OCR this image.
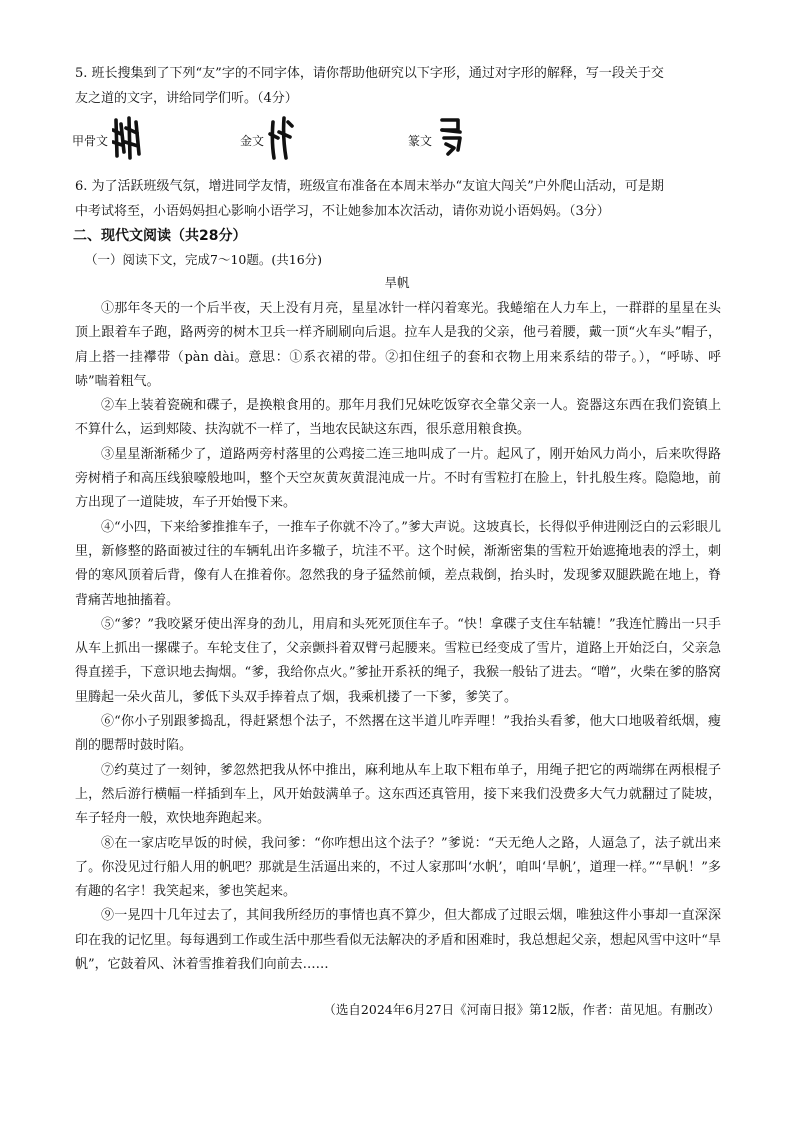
5. 班长搜集到了下列“友”字的不同字体，请你帮助他研究以下字形，通过对字形的解释，写一段关于交
友之道的文字，讲给同学们听。（4分）
甲骨文	金文	篆文
6. 为了活跃班级气氛，增进同学友情，班级宣布准备在本周末举办“友谊大闯关”户外爬山活动，可是期
中考试将至，小语妈妈担心影响小语学习，不让她参加本次活动，请你劝说小语妈妈。（3分）
二、现代文阅读（共28分）
（一）阅读下文，完成7～10题。(共16分)
旱帆

①那年冬天的一个后半夜，天上没有月亮，星星冰针一样闪着寒光。我蜷缩在人力车上，一群群的星星在头顶上跟着车子跑，路两旁的树木卫兵一样齐刷刷向后退。拉车人是我的父亲，他弓着腰，戴一顶“火车头”帽子，肩上搭一挂襻带（pàn dài。意思：①系衣裙的带。②扣住纽子的套和衣物上用来系结的带子。），“呼哧、呼哧”喘着粗气。

②车上装着瓷碗和碟子，是换粮食用的。那年月我们兄妹吃饭穿衣全靠父亲一人。瓷器这东西在我们瓷镇上不算什么，运到郏陵、扶沟就不一样了，当地农民缺这东西，很乐意用粮食换。

③星星渐渐稀少了，道路两旁村落里的公鸡接二连三地叫成了一片。起风了，刚开始风力尚小，后来吹得路旁树梢子和高压线狼嚎般地叫，整个天空灰黄灰黄混沌成一片。不时有雪粒打在脸上，针扎般生疼。隐隐地，前方出现了一道陡坡，车子开始慢下来。

④“小四，下来给爹推推车子，一推车子你就不冷了。”爹大声说。这坡真长，长得似乎伸进刚泛白的云彩眼儿里，新修整的路面被过往的车辆轧出许多辙子，坑洼不平。这个时候，渐渐密集的雪粒开始遮掩地表的浮土，刺骨的寒风顶着后背，像有人在推着你。忽然我的身子猛然前倾，差点栽倒，抬头时，发现爹双腿跌跪在地上，脊背痛苦地抽搐着。

⑤“爹？”我咬紧牙使出浑身的劲儿，用肩和头死死顶住车子。“快！拿碟子支住车轱辘！”我连忙腾出一只手从车上抓出一摞碟子。车轮支住了，父亲颤抖着双臂弓起腰来。雪粒已经变成了雪片，道路上开始泛白，父亲急得直搓手，下意识地去掏烟。“爹，我给你点火。”爹扯开系袄的绳子，我猴一般钻了进去。“噌”，火柴在爹的胳窝里腾起一朵火苗儿，爹低下头双手捧着点了烟，我乘机搂了一下爹，爹笑了。

⑥“你小子别跟爹捣乱，得赶紧想个法子，不然撂在这半道儿咋弄哩！”我抬头看爹，他大口地吸着纸烟，瘦削的腮帮时鼓时陷。

⑦约莫过了一刻钟，爹忽然把我从怀中推出，麻利地从车上取下粗布单子，用绳子把它的两端绑在两根棍子上，然后游行横幅一样插到车上，风开始鼓满单子。这东西还真管用，接下来我们没费多大气力就翻过了陡坡，车子轻舟一般，欢快地奔跑起来。

⑧在一家店吃早饭的时候，我问爹：“你咋想出这个法子？”爹说：“天无绝人之路，人逼急了，法子就出来了。你没见过行船人用的帆吧？那就是生活逼出来的，不过人家那叫‘水帆’，咱叫‘旱帆’，道理一样。”“旱帆！”多有趣的名字！我笑起来，爹也笑起来。

⑨一晃四十几年过去了，其间我所经历的事情也真不算少，但大都成了过眼云烟，唯独这件小事却一直深深印在我的记忆里。每每遇到工作或生活中那些看似无法解决的矛盾和困难时，我总想起父亲，想起风雪中这叶“旱帆”，它鼓着风、沐着雪推着我们向前去……

（选自2024年6月27日《河南日报》第12版，作者：苗见旭。有删改）
